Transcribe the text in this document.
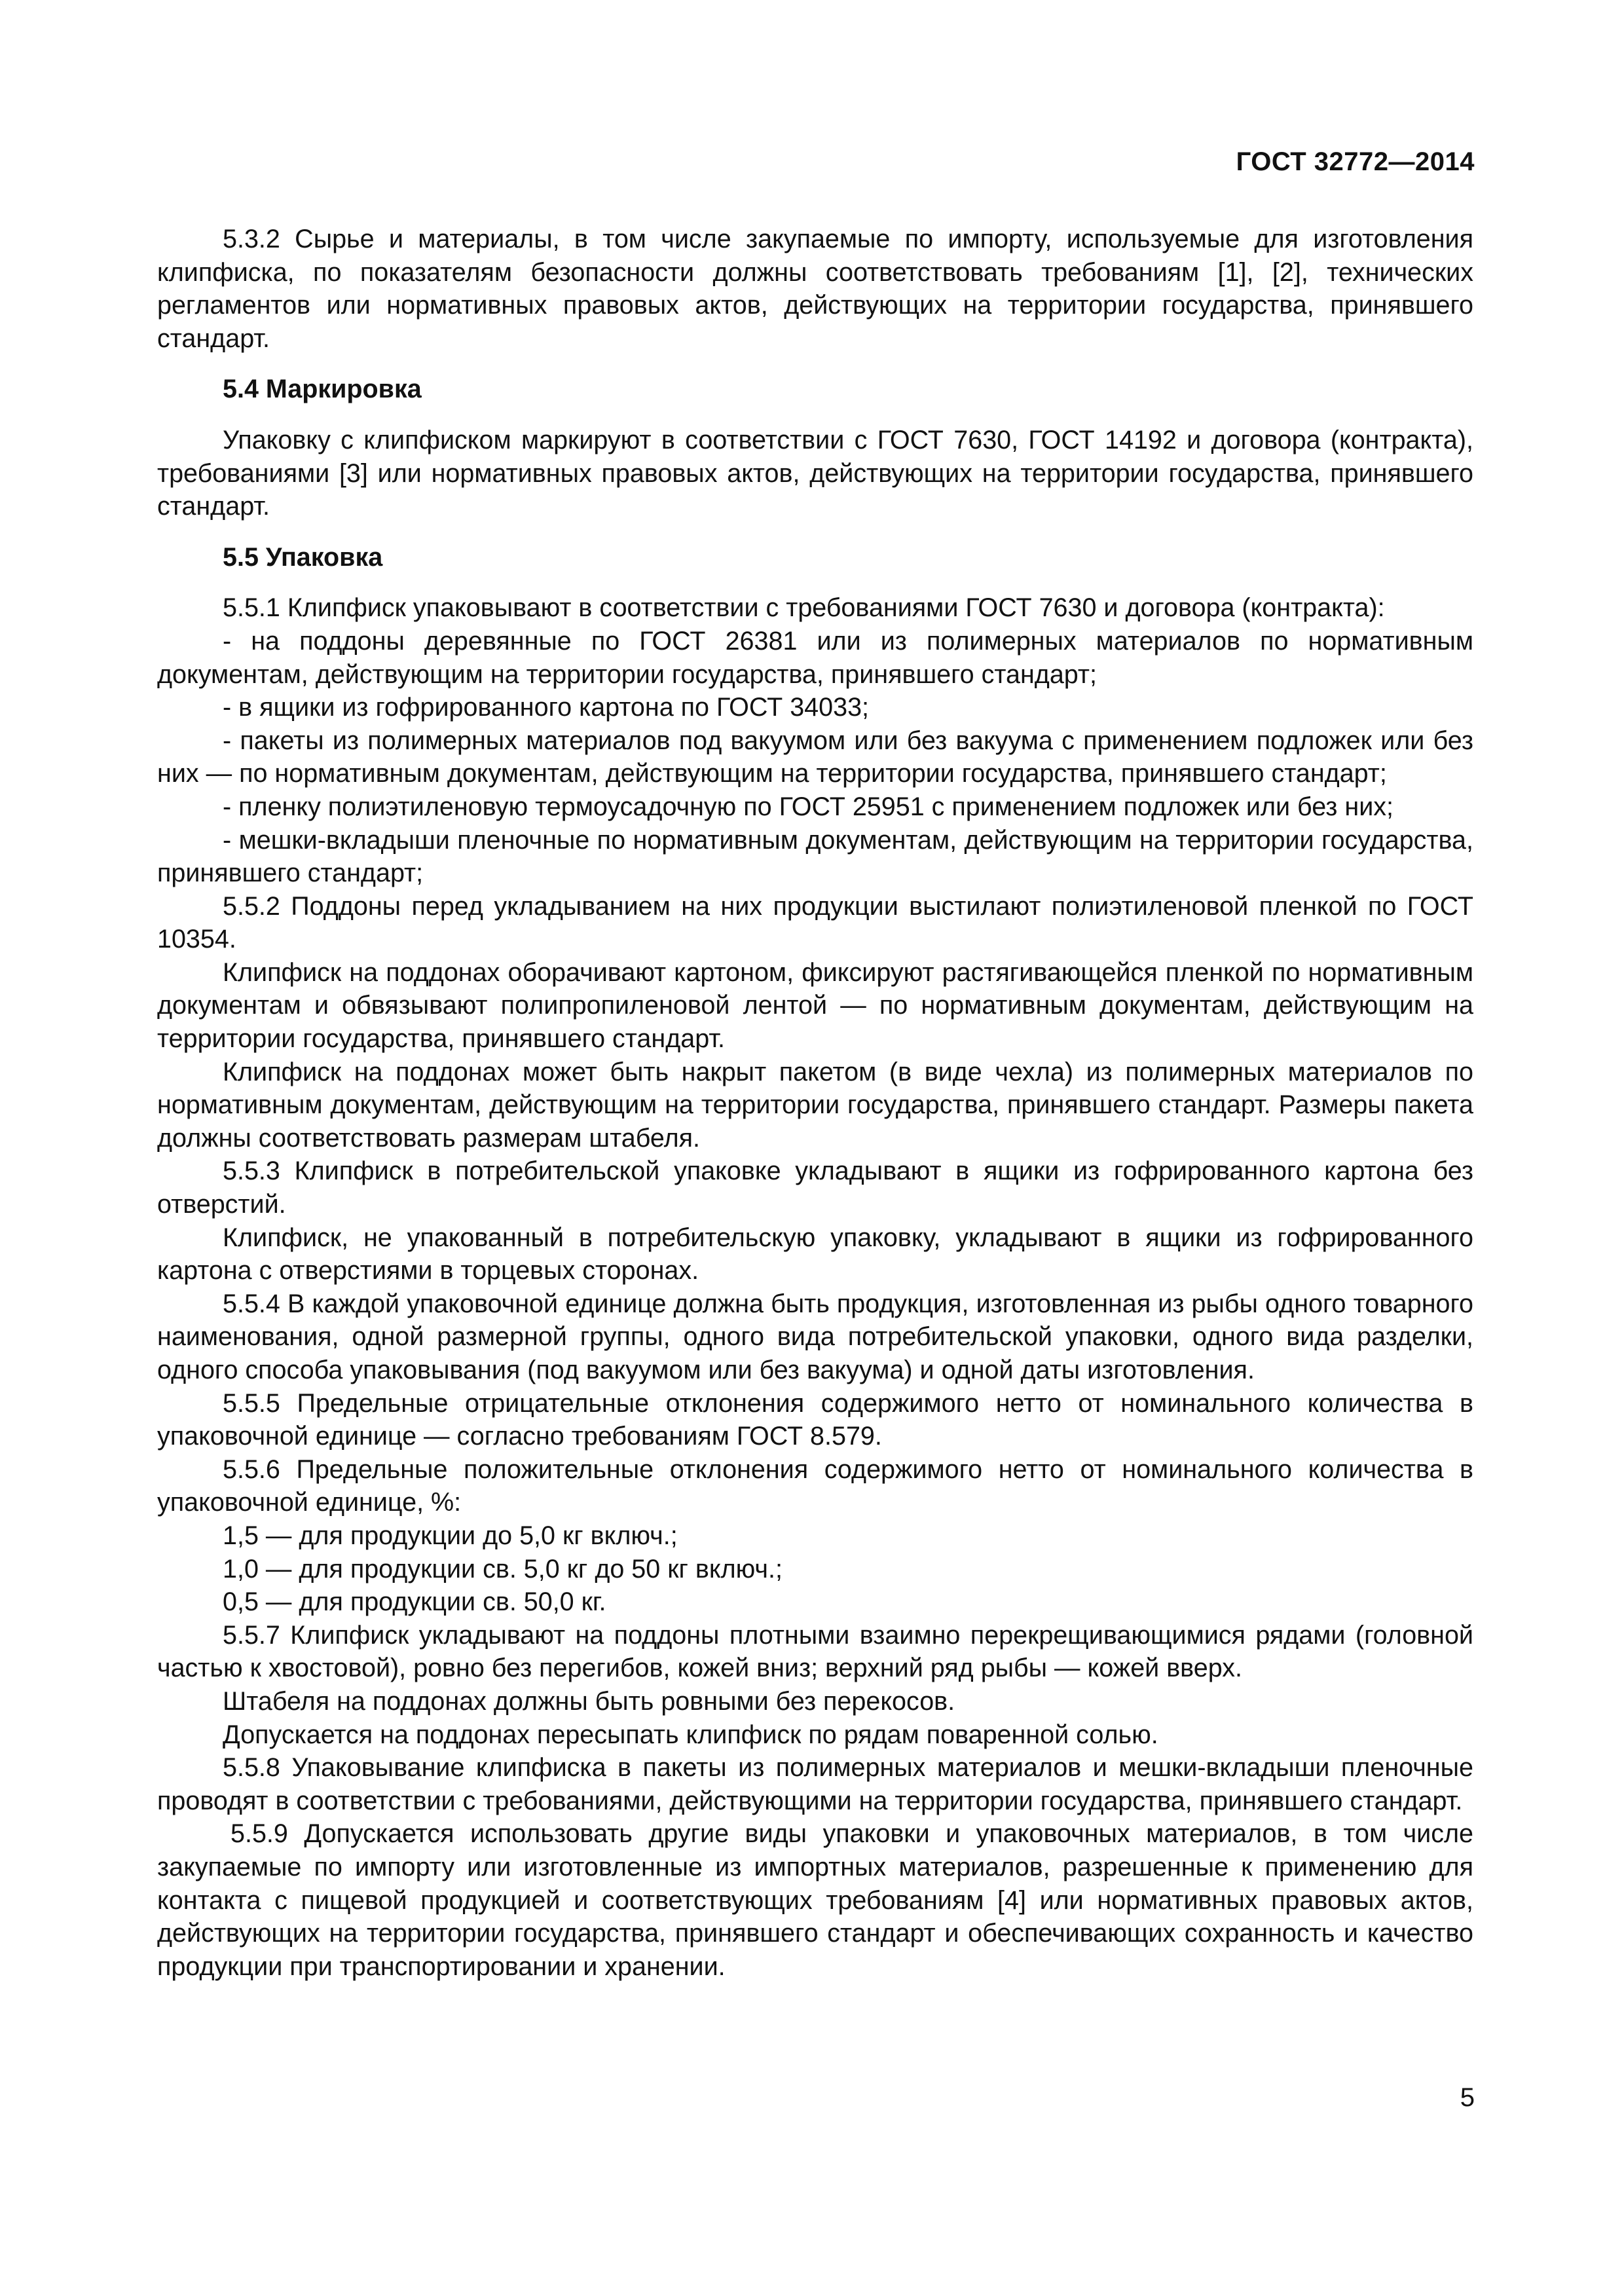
ГОСТ 32772—2014

5.3.2 Сырье и материалы, в том числе закупаемые по импорту, используемые для изготовления клипфиска, по показателям безопасности должны соответствовать требованиям [1], [2], технических регламентов или нормативных правовых актов, действующих на территории государства, принявшего стандарт.

5.4 Маркировка

Упаковку с клипфиском маркируют в соответствии с ГОСТ 7630, ГОСТ 14192 и договора (контракта), требованиями [3] или нормативных правовых актов, действующих на территории государства, принявшего стандарт.

5.5 Упаковка

5.5.1 Клипфиск упаковывают в соответствии с требованиями ГОСТ 7630 и договора (контракта):

- на поддоны деревянные по ГОСТ 26381 или из полимерных материалов по нормативным документам, действующим на территории государства, принявшего стандарт;

- в ящики из гофрированного картона по ГОСТ 34033;

- пакеты из полимерных материалов под вакуумом или без вакуума с применением подложек или без них — по нормативным документам, действующим на территории государства, принявшего стандарт;

- пленку полиэтиленовую термоусадочную по ГОСТ 25951 с применением подложек или без них;

- мешки-вкладыши пленочные по нормативным документам, действующим на территории государства, принявшего стандарт;

5.5.2 Поддоны перед укладыванием на них продукции выстилают полиэтиленовой пленкой по ГОСТ 10354.

Клипфиск на поддонах оборачивают картоном, фиксируют растягивающейся пленкой по нормативным документам и обвязывают полипропиленовой лентой — по нормативным документам, действующим на территории государства, принявшего стандарт.

Клипфиск на поддонах может быть накрыт пакетом (в виде чехла) из полимерных материалов по нормативным документам, действующим на территории государства, принявшего стандарт. Размеры пакета должны соответствовать размерам штабеля.

5.5.3 Клипфиск в потребительской упаковке укладывают в ящики из гофрированного картона без отверстий.

Клипфиск, не упакованный в потребительскую упаковку, укладывают в ящики из гофрированного картона с отверстиями в торцевых сторонах.

5.5.4 В каждой упаковочной единице должна быть продукция, изготовленная из рыбы одного товарного наименования, одной размерной группы, одного вида потребительской упаковки, одного вида разделки, одного способа упаковывания (под вакуумом или без вакуума) и одной даты изготовления.

5.5.5 Предельные отрицательные отклонения содержимого нетто от номинального количества в упаковочной единице — согласно требованиям ГОСТ 8.579.

5.5.6 Предельные положительные отклонения содержимого нетто от номинального количества в упаковочной единице, %:

1,5 — для продукции до 5,0 кг включ.;

1,0 — для продукции св. 5,0 кг до 50 кг включ.;

0,5 — для продукции св. 50,0 кг.

5.5.7 Клипфиск укладывают на поддоны плотными взаимно перекрещивающимися рядами (головной частью к хвостовой), ровно без перегибов, кожей вниз; верхний ряд рыбы — кожей вверх.

Штабеля на поддонах должны быть ровными без перекосов.

Допускается на поддонах пересыпать клипфиск по рядам поваренной солью.

5.5.8 Упаковывание клипфиска в пакеты из полимерных материалов и мешки-вкладыши пленочные проводят в соответствии с требованиями, действующими на территории государства, принявшего стандарт.

5.5.9 Допускается использовать другие виды упаковки и упаковочных материалов, в том числе закупаемые по импорту или изготовленные из импортных материалов, разрешенные к применению для контакта с пищевой продукцией и соответствующих требованиям [4] или нормативных правовых актов, действующих на территории государства, принявшего стандарт и обеспечивающих сохранность и качество продукции при транспортировании и хранении.

5
